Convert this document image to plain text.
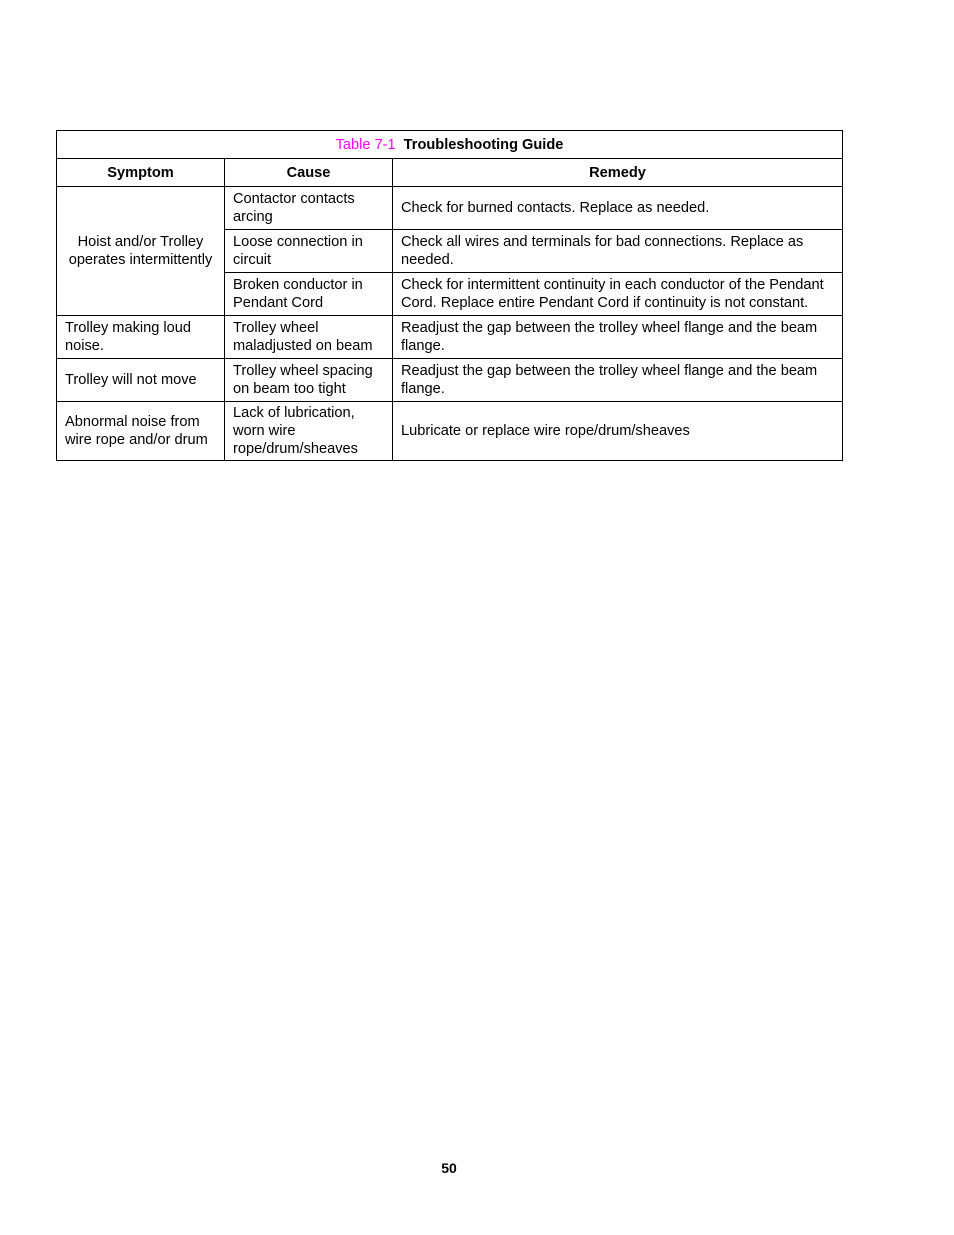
Table 7-1 Troubleshooting Guide		
Symptom	Cause	Remedy
Hoist and/or Trolley operates intermittently	Contactor contacts arcing	Check for burned contacts. Replace as needed.
	Loose connection in circuit	Check all wires and terminals for bad connections. Replace as needed.
	Broken conductor in Pendant Cord	Check for intermittent continuity in each conductor of the Pendant Cord. Replace entire Pendant Cord if continuity is not constant.
Trolley making loud noise.	Trolley wheel maladjusted on beam	Readjust the gap between the trolley wheel flange and the beam flange.
Trolley will not move	Trolley wheel spacing on beam too tight	Readjust the gap between the trolley wheel flange and the beam flange.
Abnormal noise from wire rope and/or drum	Lack of lubrication, worn wire rope/drum/sheaves	Lubricate or replace wire rope/drum/sheaves
50
